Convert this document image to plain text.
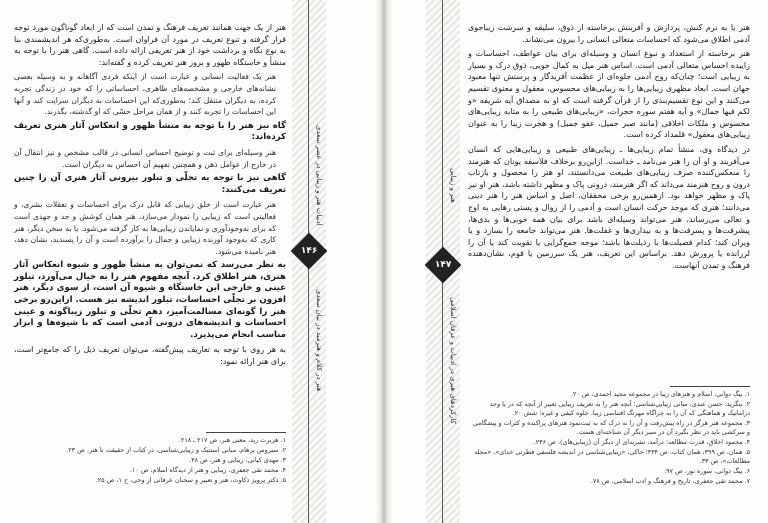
هنر از یک جهت همانند تعریف فرهنگ و تمدن است که از ابعاد گوناگون مورد توجه قرار گرفته و تنوع تعریف در مورد آن فراوان است. به‌طوری‌که هر اندیشمندی بنا به نوع نگاه و برداشت خود از هنر تعریفی ارائه داده است. گاهی هنر را با توجه به منشأ و خاستگاه ظهور و بروز هنر تعریف کرده و گفته‌اند:

هنر یک فعالیت انسانی و عبارت است از اینکه فردی آگاهانه و به وسیله بعضی نشانه‌های خارجی و مشخصه‌های ظاهری، احساساتی را که خود در زندگی تجربه کرده، به دیگران منتقل کند؛ به‌طوری‌که این احساسات به دیگران سرایت کند و آنها این احساسات را تجربه کنند و از همان مراحل حسّی که او گذشته، بگذرند.

گاه نیز هنر را با توجه به منشأ ظهور و انعکاس آثار هنری تعریف کرده‌اند:

هنر وسیله‌ای برای ثبت و توضیح احساس انسانی در قالب مشخص و نیز انتقال آن در خارج از عوامل ذهن و همچنین تفهیم آن احساس به دیگران است.

گاهی نیز با توجه به تجلّی و تبلور بیرونی آثار هنری آن را چنین تعریف می‌کنند:

هنر عبارت است از خلق زیبایی که قابل درک برای احساسات و تعقلات بشری، و فعالیتی است که زیبایی را نمودار می‌سازد، هنر همان کوشش و جد و جهدی است که برای به‌وجودآوری و نمایاندن زیبایی‌ها به کار گرفته می‌شود. یا به سخن دیگر، هنر کاری که به‌وجود آورنده زیبایی و جمال را برآورده است و آن را پسندید، نشان دهد، هنر نامیده می‌شود.

به نظر می‌رسد که نمی‌توان به منشأ ظهور و شیوه انعکاس آثار هنری، هنر اطلاق کرد. آنچه مفهوم هنر را به خیال می‌آورد، تبلور عینی و خارجی این خاستگاه و شیوه آن است، از سوی دیگر، هنر افزون بر تجلّی احساسات، تبلور اندیشه نیز هست. ازاین‌رو برخی هنر را گونه‌ای مسالمت‌آمیز، دهم تجلّی و تبلور زیباگونه و عینی احساسات و اندیشه‌های درونی آدمی است که با شیوه‌ها و ابزار مناسب انجام می‌پذیرد.

به هر روی با توجه به تعاریف پیش‌گفته، می‌توان تعریف ذیل را که جامع‌تر است، برای هنر ارائه نمود:

ادبیات هنر و زیبایی در عصر سعدی
۱۴۶
هنر در کلام و هنرمند در بیان سعدی
۱. هربرت رید، معنی هنر، ص ۲۱۷ ـ ۲۱۸.
۲. سیروس پرهام، مبانی استتیک و زیبایی‌شناسی، در کتاب از حقیقت تا هنر، ص ۲۳.
۳. مهدی کیانی، زیبایی و هنر، ص ۴۸.
۴. محمد تقی جعفری، زیبایی و هنر از دیدگاه اسلام، ص ۱۰.
۵. دکتر پرویز ذکاوت، هنر و تعبیر و سخنان عرفانی از وحی، ج ۱، ص ۲۵.
هنر و زیبایی
۱۴۷
کارکردهای هنری در ادبیات و عرفان اسلامی

هنر یا به نرم کنش، پردازش و آفرینش برخاسته از ذوق، سلیقه و سرشت زیباجوی آدمی اطلاق می‌شود که احساسات متعالی انسانی را بیرون می‌نشاند.

هنر برخاسته از استعداد و نبوغ انسان و وسیله‌ای برای بیان عواطف، احساسات و زاییده احساس متعالی آدمی است. اساس هنر میل به کمال جویی، ذوق درک و بسیار به زیبایی است؛ چنان‌که روح آدمی جلوه‌ای از عظمت آفریدگار و پرستش تنها معبود جهان است. ابعاد مظهری زیبایی‌ها را به زیبایی‌های محسوس، معقول و معنوی تقسیم می‌کنند و این نوع تقسیم‌بندی را از قرآن گرفته است که او به مصداق آیه شریفه «و لکم فیها جمال» و آیه هفتم سوره حجرات، «زیبایی‌های طبیعی را به مثابه زیبایی‌های محسوس و ملکات اخلاقی (مانند صبر جمیل، عفو جمیل) و هجرت زیبا را به عنوان زیبایی‌های معقول» قلمداد کرده است.

در دیدگاه وی، منشأ تمام زیبایی‌ها ـ زیبایی‌های طبیعی و زیبایی‌هایی که انسان می‌آفریند و او آن را هنر می‌نامد ـ خداست. ازاین‌رو برخلاف فلاسفه یونان که هنرمند را منعکس‌کننده صرف زیبایی‌های طبیعت می‌دانستند، او هنر را محصول و بازتاب درون و روح هنرمند می‌داند که اگر هنرمند، درونی پاک و مظهر داشته باشد، هنر او نیز پاک و مظهر خواهد بود. ازهمین‌رو برخی محققان، اصل و اساس هنر را هنر دینی می‌دانند؛ هنری که موجد حرکت انسان است و آدمی را از زوال و پستی رهایی به اوج و تعالی می‌رساند، هنر می‌تواند وسیله‌ای باشد برای بیان همه خوبی‌ها و بدی‌ها، پیشرفت‌ها و پسرفت‌ها و به بیداری‌ها و غفلت‌ها. هنر می‌تواند جامعه را بسازد و یا ویران کند؛ کدام فضیلت‌ها یا رذیلت‌ها باشد؛ موجه جمع‌گرایی یا تقویت کند یا آن را لرزانده یا پرورش دهد. براساس این تعریف، هنر یک سرزمین یا قوم، نشان‌دهنده فرهنگ و تمدن آنهاست.

۱. بیگ دوانی، اسلام و هنرهای زیبا در مجموعه مجید احمدی، ص ۲۰.
۲. بنگرید: حسن عبدی، مبانی زیبایی‌شناسی؛ آنچه هنر را به تعریف زیبایی تعبیر از آنچه که در یا وجد دراماتیک و هماهنگی که آن را به چراگاه مهرنگ اقتباسی زیبا، جلوه کیفی و غیره؛ شش ۲۰.
۳. مجموعه هنر هرگز در راه پیش‌رفت و آن را نه درک که به ثبت‌نمود هنرهای پراکنده و کثرات و پیشگامی و سرکشی باید در نظر بگیرد آن در سیر دیگر آن شناخته‌ای هست.
۴. محمود اخلاق، قدرت مطالعه؛ درآمد، نشریه‌ای از دیگر آن (زیبایی‌های)، ص ۲۴۶.
۵. همان، ص ۳۹۹، همان کتاب، ص ۴۳۴؛ حاکی، «زیبایی‌شناسی در اندیشه فلسفی فطرتی خدای»، «مجله مطالعات»، ص ۳۳.
۶. بیگ دوانی، سوره نور، ص ۹۷.
۷. محمد تقی جعفری، تاریخ و فرهنگ و ادب اسلامی، ص ۷۸.
